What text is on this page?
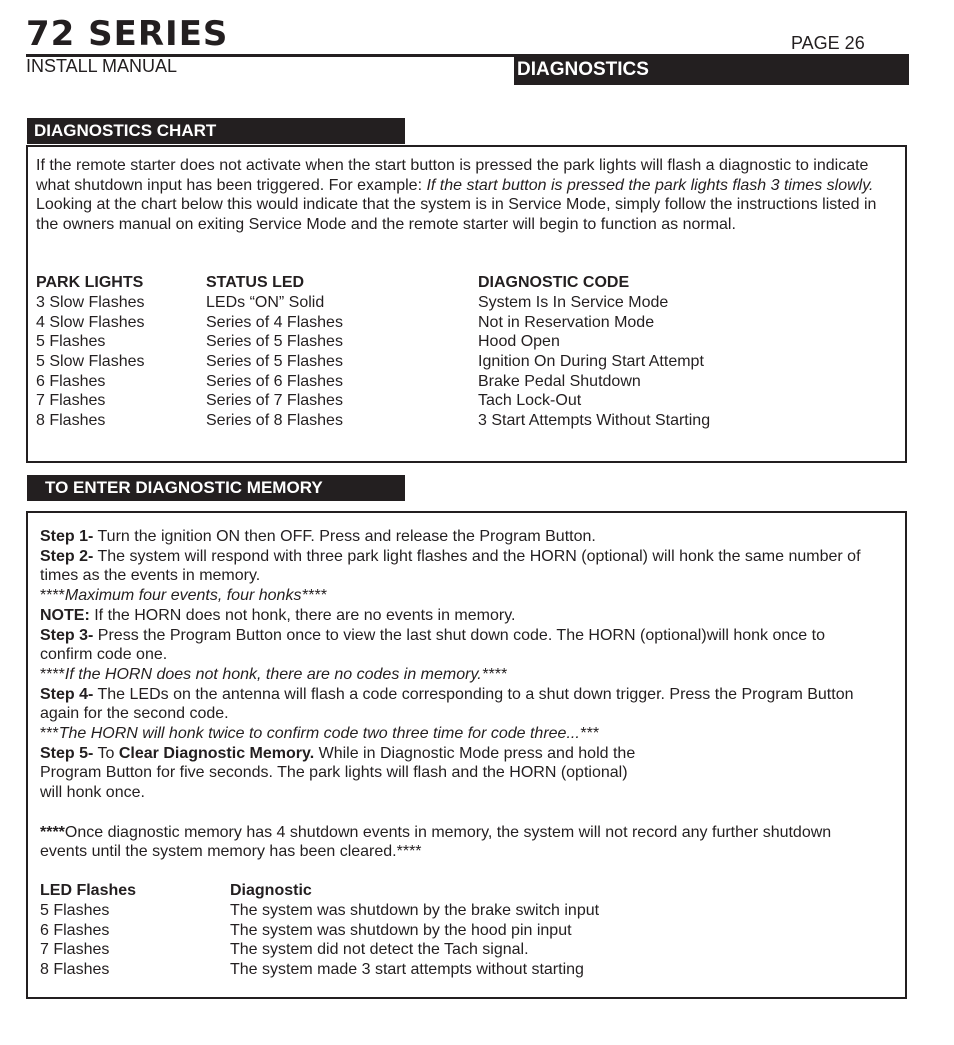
72 SERIES	PAGE 26
INSTALL MANUAL	DIAGNOSTICS
DIAGNOSTICS CHART
If the remote starter does not activate when the start button is pressed the park lights will flash a diagnostic to indicate what shutdown input has been triggered. For example: If the start button is pressed the park lights flash 3 times slowly. Looking at the chart below this would indicate that the system is in Service Mode, simply follow the instructions listed in the owners manual on exiting Service Mode and the remote starter will begin to function as normal.
PARK LIGHTS	STATUS LED	DIAGNOSTIC CODE
3 Slow Flashes	LEDs “ON” Solid	System Is In Service Mode
4 Slow Flashes	Series of 4 Flashes	Not in Reservation Mode
5 Flashes	Series of 5 Flashes	Hood Open
5 Slow Flashes	Series of 5 Flashes	Ignition On During Start Attempt
6 Flashes	Series of 6 Flashes	Brake Pedal Shutdown
7 Flashes	Series of 7 Flashes	Tach Lock-Out
8 Flashes	Series of 8 Flashes	3 Start Attempts Without Starting
TO ENTER DIAGNOSTIC MEMORY
Step 1- Turn the ignition ON then OFF. Press and release the Program Button.
Step 2- The system will respond with three park light flashes and the HORN (optional) will honk the same number of times as the events in memory.
****Maximum four events, four honks****
NOTE: If the HORN does not honk, there are no events in memory.
Step 3- Press the Program Button once to view the last shut down code. The HORN (optional)will honk once to confirm code one.
****If the HORN does not honk, there are no codes in memory.****
Step 4- The LEDs on the antenna will flash a code corresponding to a shut down trigger. Press the Program Button again for the second code.
***The HORN will honk twice to confirm code two three time for code three...***
Step 5- To Clear Diagnostic Memory. While in Diagnostic Mode press and hold the
Program Button for five seconds. The park lights will flash and the HORN (optional)
will honk once.
****Once diagnostic memory has 4 shutdown events in memory, the system will not record any further shutdown events until the system memory has been cleared.****
LED Flashes	Diagnostic
5 Flashes	The system was shutdown by the brake switch input
6 Flashes	The system was shutdown by the hood pin input
7 Flashes	The system did not detect the Tach signal.
8 Flashes	The system made 3 start attempts without starting
